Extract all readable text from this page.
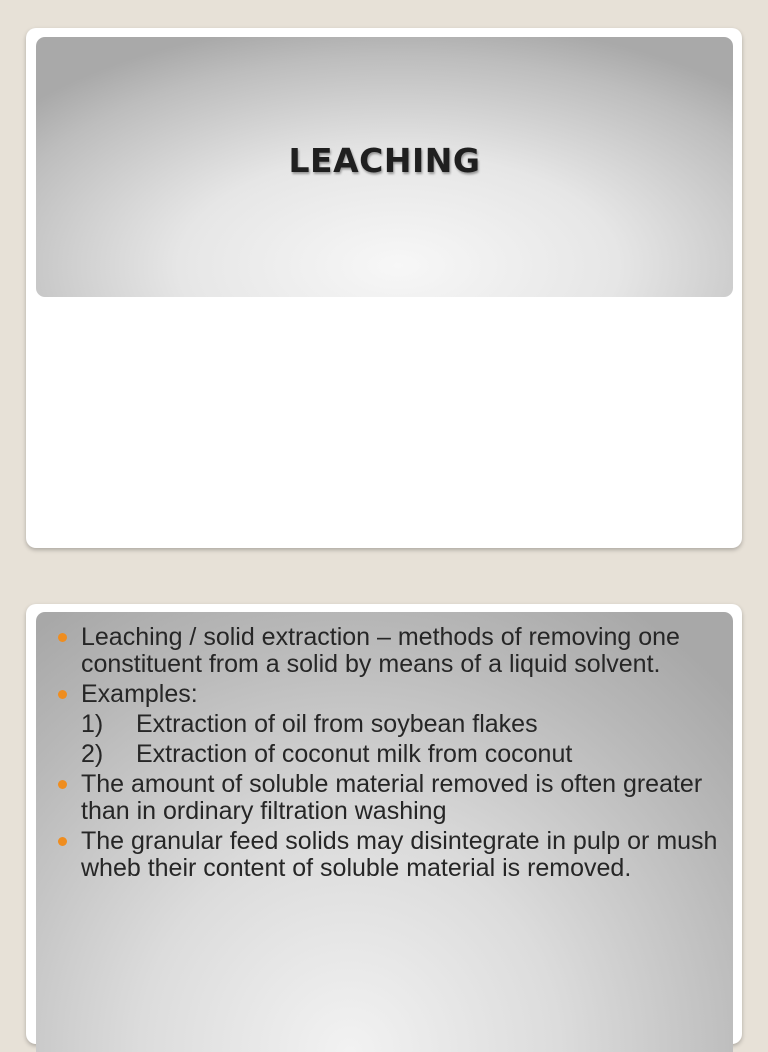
LEACHING
Leaching / solid extraction – methods of removing one constituent from a solid by means of a liquid solvent.
Examples:
1)	Extraction of oil from soybean flakes
2)	Extraction of coconut milk from coconut
The amount of soluble material removed is often greater than in ordinary filtration washing
The granular feed solids may disintegrate in pulp or mush wheb their content of soluble material is removed.
